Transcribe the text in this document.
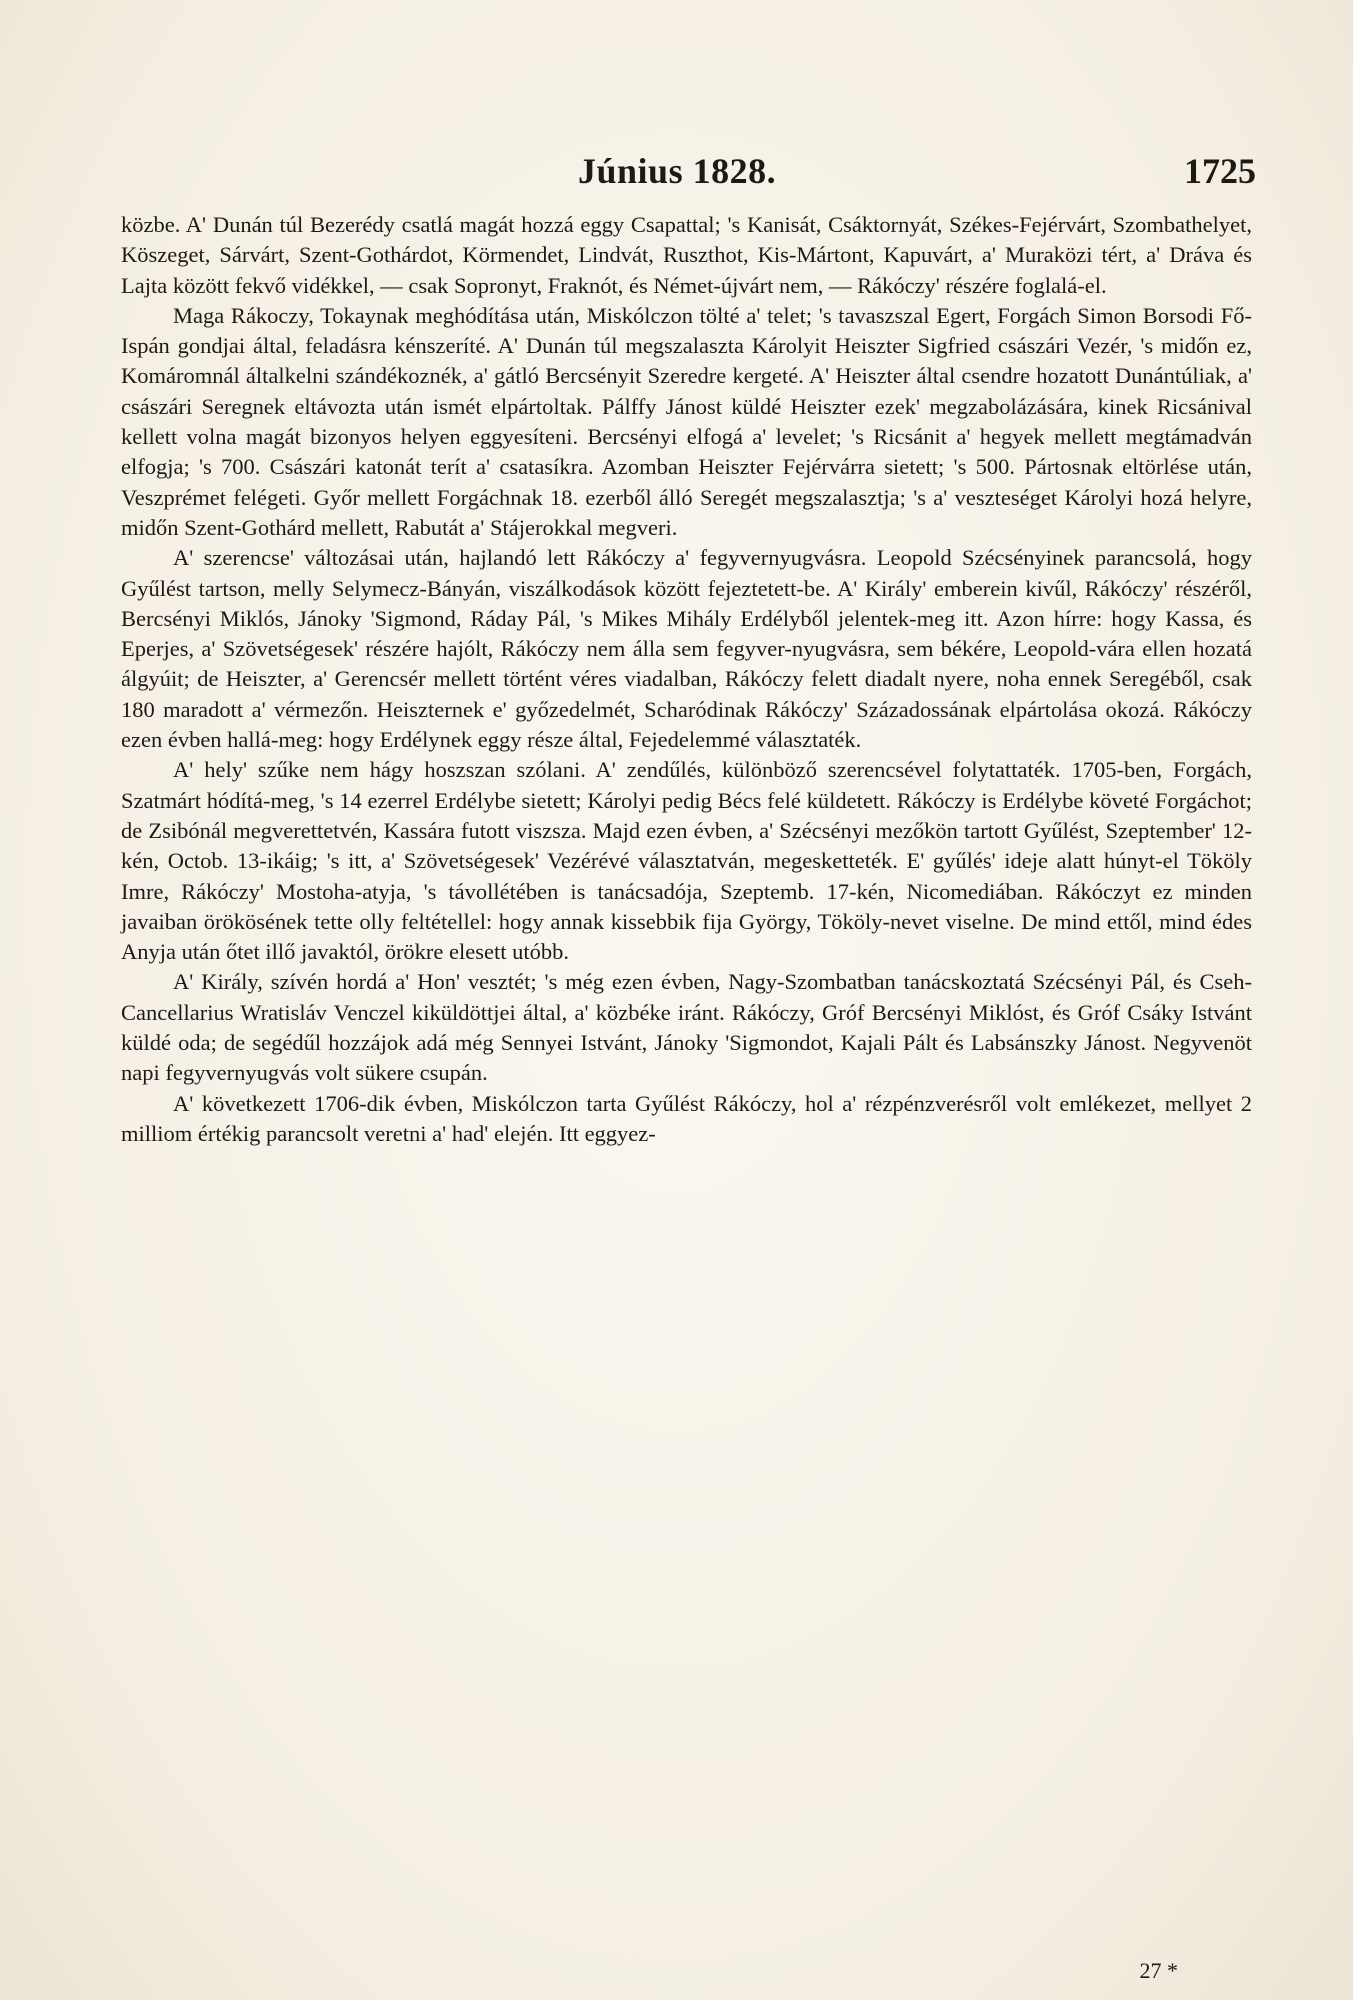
Június 1828.	1725

közbe. A' Dunán túl Bezerédy csatlá magát hozzá eggy Csapattal; 's Kanisát, Csáktornyát, Székes-Fejérvárt, Szombathelyet, Köszeget, Sárvárt, Szent-Gothárdot, Körmendet, Lindvát, Ruszthot, Kis-Mártont, Kapuvárt, a' Muraközi tért, a' Dráva és Lajta között fekvő vidékkel, — csak Sopronyt, Fraknót, és Német-újvárt nem, — Rákóczy' részére foglalá-el.

Maga Rákoczy, Tokaynak meghódítása után, Miskólczon tölté a' telet; 's tavaszszal Egert, Forgách Simon Borsodi Fő-Ispán gondjai által, feladásra kénszeríté. A' Dunán túl megszalaszta Károlyit Heiszter Sigfried császári Vezér, 's midőn ez, Komáromnál általkelni szándékoznék, a' gátló Bercsényit Szeredre kergeté. A' Heiszter által csendre hozatott Dunántúliak, a' császári Seregnek eltávozta után ismét elpártoltak. Pálffy Jánost küldé Heiszter ezek' megzabolázására, kinek Ricsánival kellett volna magát bizonyos helyen eggyesíteni. Bercsényi elfogá a' levelet; 's Ricsánit a' hegyek mellett megtámadván elfogja; 's 700. Császári katonát terít a' csatasíkra. Azomban Heiszter Fejérvárra sietett; 's 500. Pártosnak eltörlése után, Veszprémet felégeti. Győr mellett Forgáchnak 18. ezerből álló Seregét megszalasztja; 's a' veszteséget Károlyi hozá helyre, midőn Szent-Gothárd mellett, Rabutát a' Stájerokkal megveri.

A' szerencse' változásai után, hajlandó lett Rákóczy a' fegyvernyugvásra. Leopold Szécsényinek parancsolá, hogy Gyűlést tartson, melly Selymecz-Bányán, viszálkodások között fejeztetett-be. A' Király' emberein kivűl, Rákóczy' részéről, Bercsényi Miklós, Jánoky 'Sigmond, Ráday Pál, 's Mikes Mihály Erdélyből jelentek-meg itt. Azon hírre: hogy Kassa, és Eperjes, a' Szövetségesek' részére hajólt, Rákóczy nem álla sem fegyver-nyugvásra, sem békére, Leopold-vára ellen hozatá álgyúit; de Heiszter, a' Gerencsér mellett történt véres viadalban, Rákóczy felett diadalt nyere, noha ennek Seregéből, csak 180 maradott a' vérmezőn. Heiszternek e' győzedelmét, Scharódinak Rákóczy' Századossának elpártolása okozá. Rákóczy ezen évben hallá-meg: hogy Erdélynek eggy része által, Fejedelemmé választaték.

A' hely' szűke nem hágy hoszszan szólani. A' zendűlés, különböző szerencsével folytattaték. 1705-ben, Forgách, Szatmárt hódítá-meg, 's 14 ezerrel Erdélybe sietett; Károlyi pedig Bécs felé küldetett. Rákóczy is Erdélybe követé Forgáchot; de Zsibónál megverettetvén, Kassára futott viszsza. Majd ezen évben, a' Szécsényi mezőkön tartott Gyűlést, Szeptember' 12-kén, Octob. 13-ikáig; 's itt, a' Szövetségesek' Vezérévé választatván, megesketteték. E' gyűlés' ideje alatt húnyt-el Tököly Imre, Rákóczy' Mostoha-atyja, 's távollétében is tanácsadója, Szeptemb. 17-kén, Nicomediában. Rákóczyt ez minden javaiban örökösének tette olly feltétellel: hogy annak kissebbik fija György, Tököly-nevet viselne. De mind ettől, mind édes Anyja után őtet illő javaktól, örökre elesett utóbb.

A' Király, szívén hordá a' Hon' vesztét; 's még ezen évben, Nagy-Szombatban tanácskoztatá Szécsényi Pál, és Cseh-Cancellarius Wratisláv Venczel kiküldöttjei által, a' közbéke iránt. Rákóczy, Gróf Bercsényi Miklóst, és Gróf Csáky Istvánt küldé oda; de segédűl hozzájok adá még Sennyei Istvánt, Jánoky 'Sigmondot, Kajali Pált és Labsánszky Jánost. Negyvenöt napi fegyvernyugvás volt sükere csupán.

A' következett 1706-dik évben, Miskólczon tarta Gyűlést Rákóczy, hol a' rézpénzverésről volt emlékezet, mellyet 2 milliom értékig parancsolt veretni a' had' elején. Itt eggyez-

27 *
